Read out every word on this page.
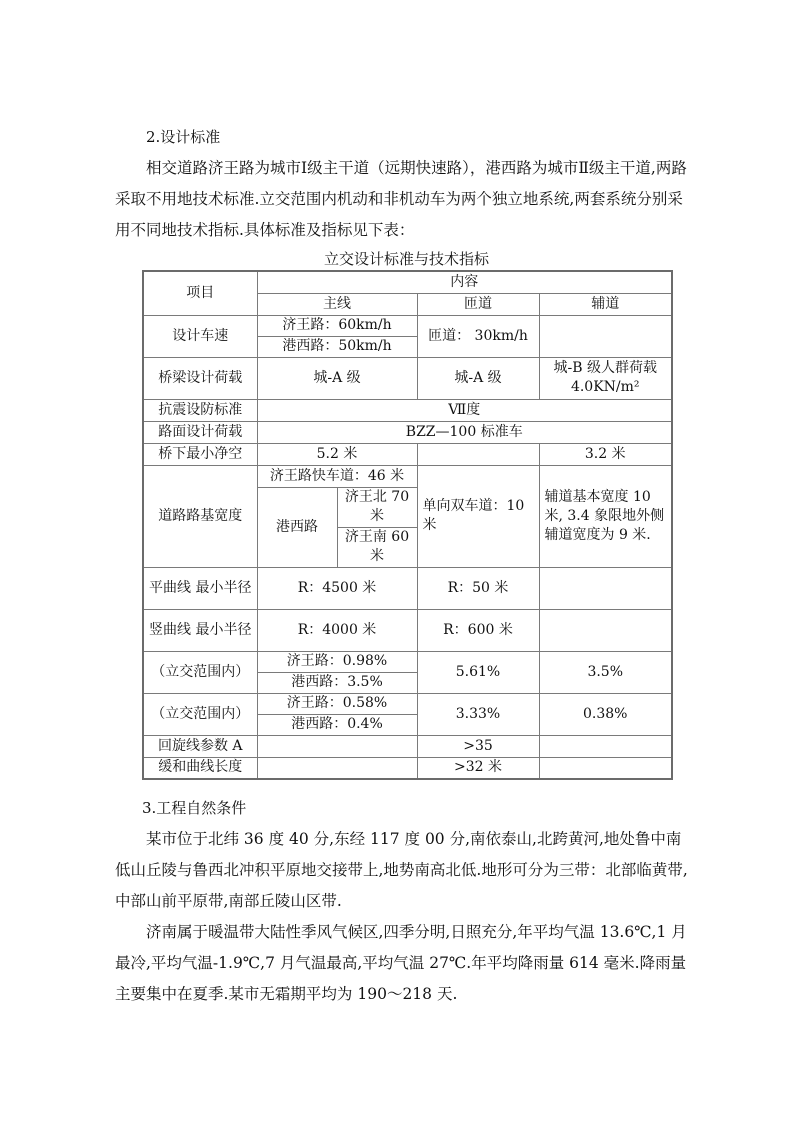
2.设计标准

相交道路济王路为城市Ⅰ级主干道（远期快速路），港西路为城市Ⅱ级主干道,两路采取不用地技术标准.立交范围内机动和非机动车为两个独立地系统,两套系统分别采用不同地技术指标.具体标准及指标见下表：

立交设计标准与技术指标
项目	内容			
	主线		匝道	辅道
设计车速	济王路：60km/h		匝道： 30km/h	
	港西路：50km/h			
桥梁设计荷载	城-A 级		城-A 级	城-B 级人群荷载 4.0KN/m²
抗震设防标准	Ⅶ度			
路面设计荷载	BZZ—100 标准车			
桥下最小净空	5.2 米			3.2 米
道路路基宽度	济王路快车道：46 米		单向双车道：10 米	辅道基本宽度 10 米, 3.4 象限地外侧辅道宽度为 9 米.
	港西路	济王北 70 米		
		济王南 60 米		
平曲线 最小半径	R：4500 米		R：50 米	
竖曲线 最小半径	R：4000 米		R：600 米	
（立交范围内）	济王路：0.98%		5.61%	3.5%
	港西路：3.5%			
（立交范围内）	济王路：0.58%		3.33%	0.38%
	港西路：0.4%			
回旋线参数 A			>35	
缓和曲线长度			>32 米	

3.工程自然条件

某市位于北纬 36 度 40 分,东经 117 度 00 分,南依泰山,北跨黄河,地处鲁中南低山丘陵与鲁西北冲积平原地交接带上,地势南高北低.地形可分为三带：北部临黄带,中部山前平原带,南部丘陵山区带.

济南属于暖温带大陆性季风气候区,四季分明,日照充分,年平均气温 13.6℃,1 月最冷,平均气温-1.9℃,7 月气温最高,平均气温 27℃.年平均降雨量 614 毫米.降雨量主要集中在夏季.某市无霜期平均为 190～218 天.
